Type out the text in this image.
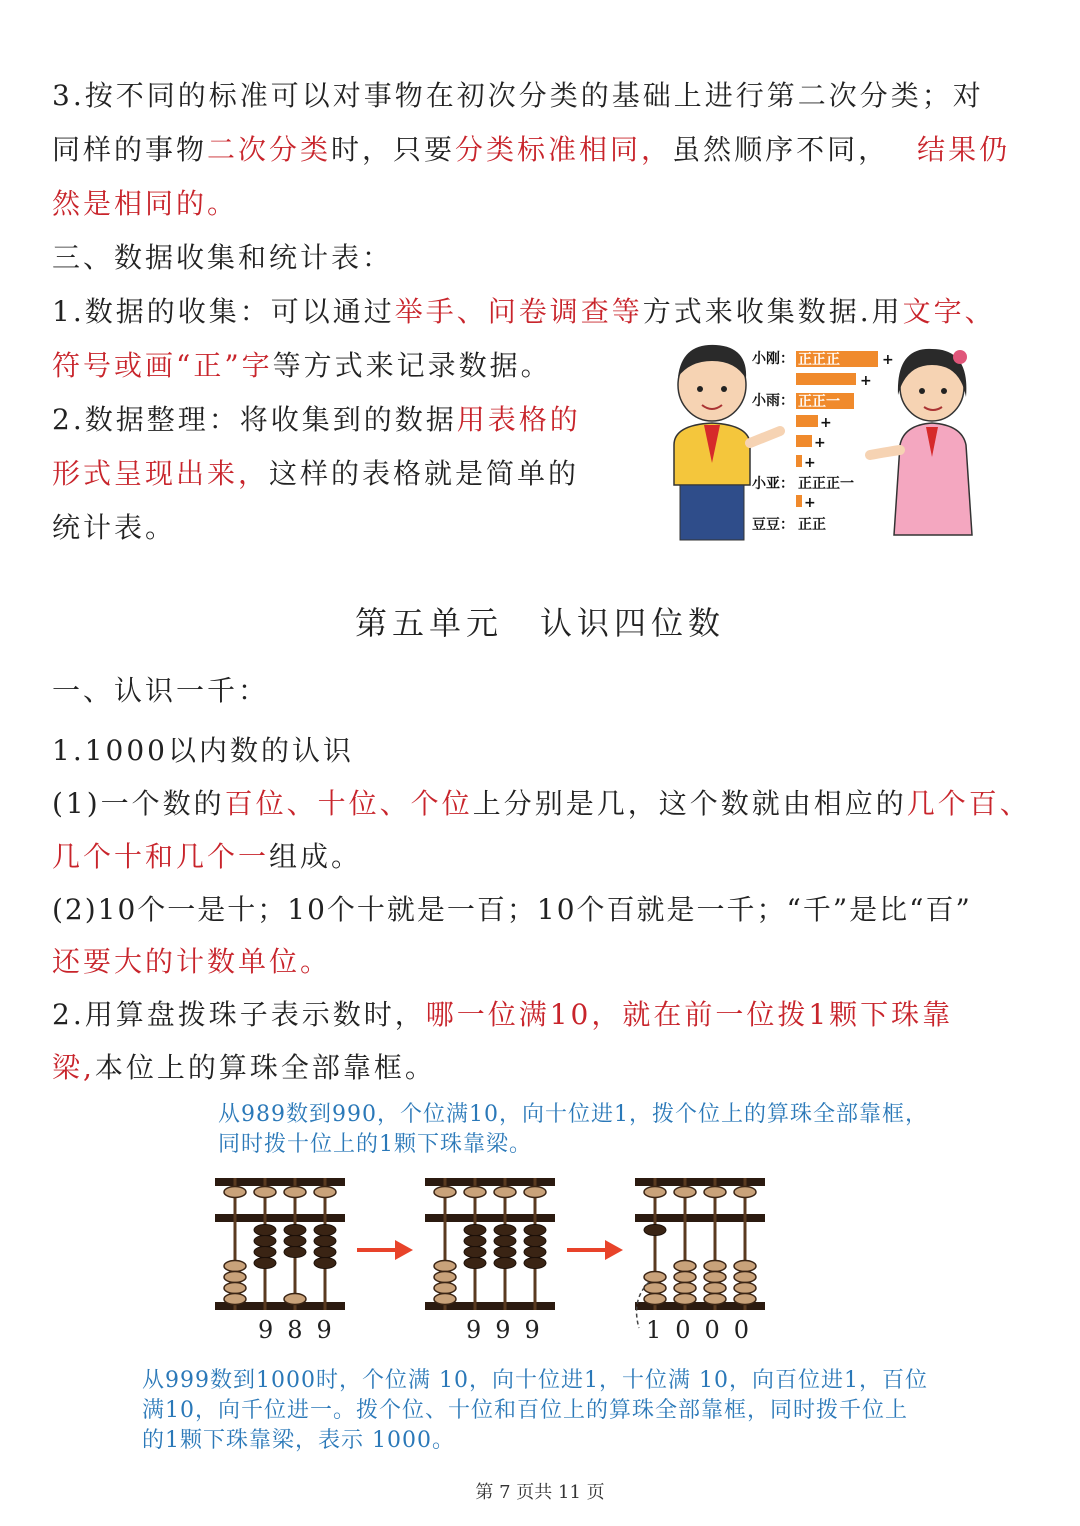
3.按不同的标准可以对事物在初次分类的基础上进行第二次分类；对
同样的事物二次分类时，只要分类标准相同，虽然顺序不同， 结果仍
然是相同的。
三、数据收集和统计表：
1.数据的收集：可以通过举手、问卷调查等方式来收集数据.用文字、
符号或画“正”字等方式来记录数据。
2.数据整理：将收集到的数据用表格的
形式呈现出来，这样的表格就是简单的
统计表。
小刚： 正正正	+
+
小雨： 正正一
+
+
+
小亚： 正正正一
+
豆豆： 正正
第五单元　认识四位数
一、认识一千：
1.1000以内数的认识
(1)一个数的百位、十位、个位上分别是几，这个数就由相应的几个百、
几个十和几个一组成。
(2)10个一是十；10个十就是一百；10个百就是一千；“千”是比“百”
还要大的计数单位。
2.用算盘拨珠子表示数时，哪一位满10，就在前一位拨1颗下珠靠
梁,本位上的算珠全部靠框。
从989数到990，个位满10，向十位进1，拨个位上的算珠全部靠框，
同时拨十位上的1颗下珠靠梁。
989	999	1000
从999数到1000时，个位满 10，向十位进1，十位满 10，向百位进1，百位
满10，向千位进一。拨个位、十位和百位上的算珠全部靠框，同时拨千位上
的1颗下珠靠梁，表示 1000。
第 7 页共 11 页
